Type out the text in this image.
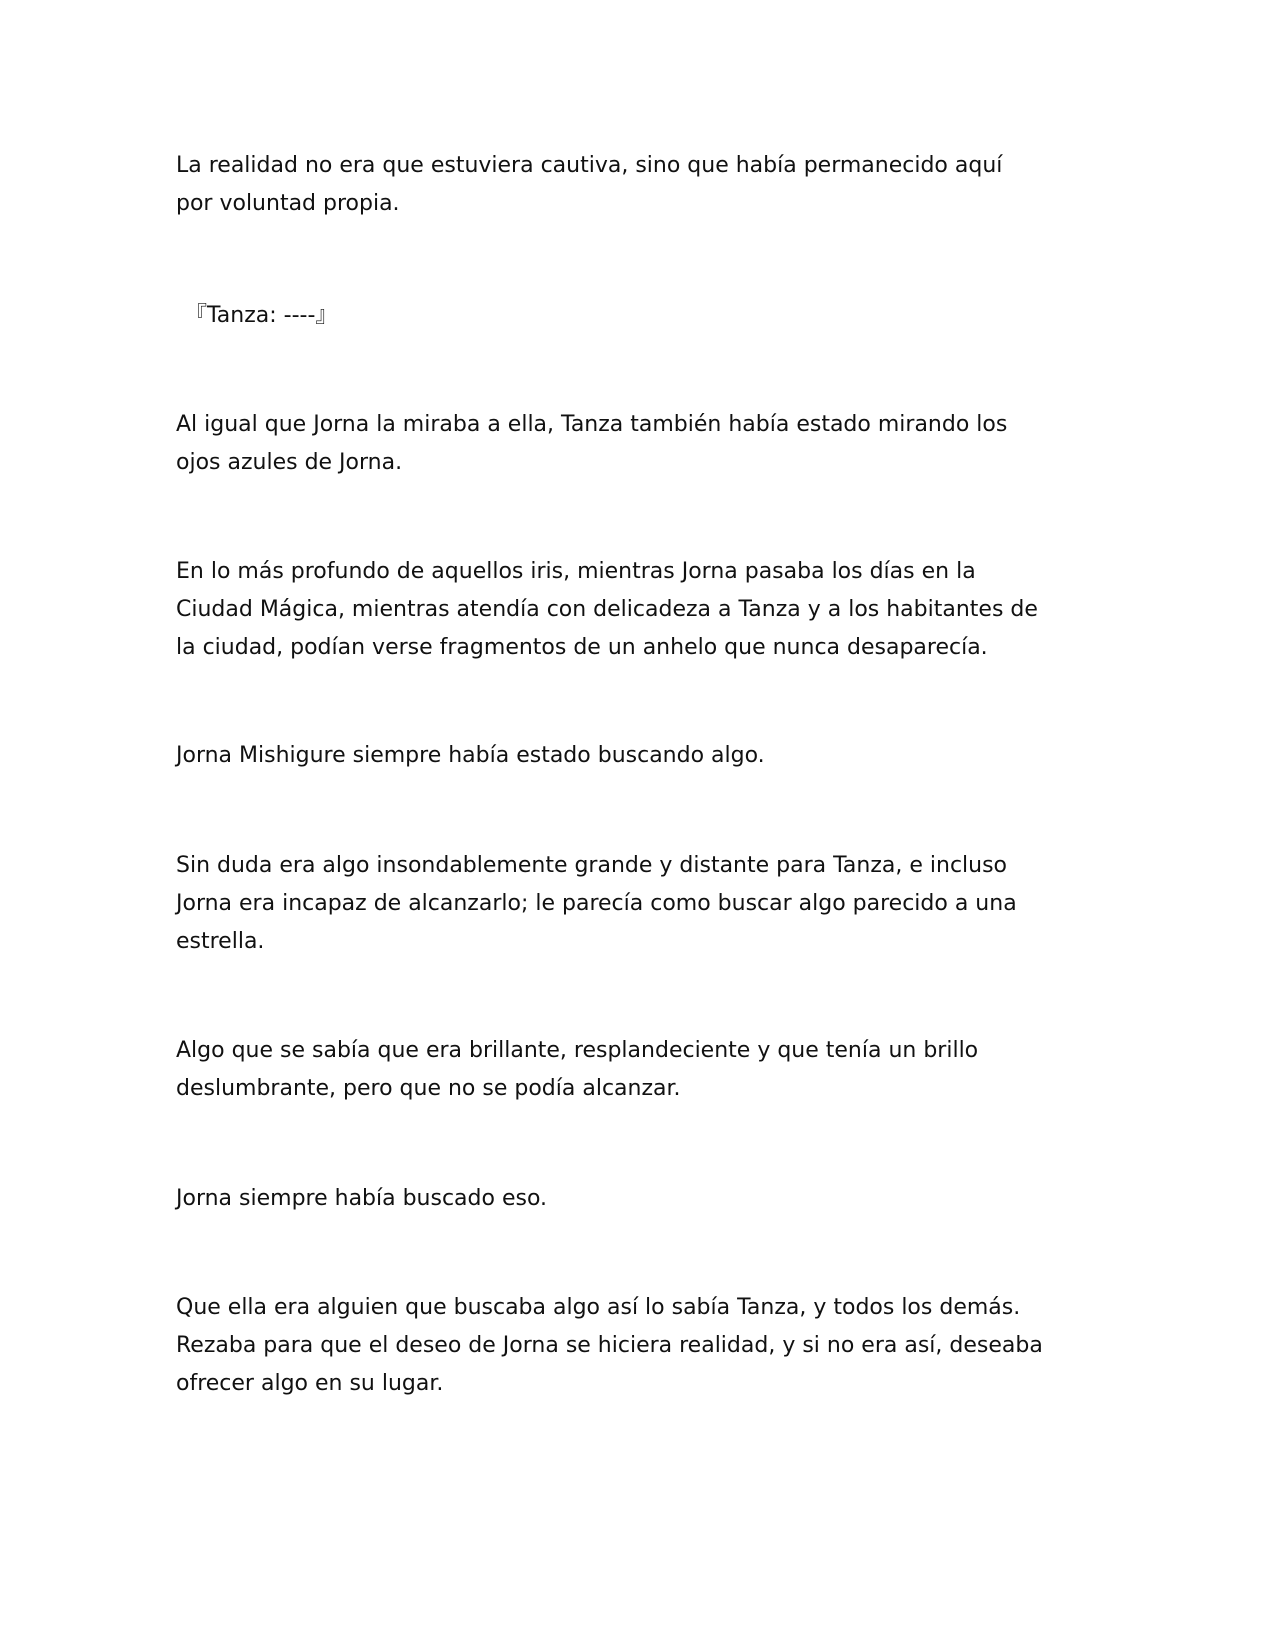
La realidad no era que estuviera cautiva, sino que había permanecido aquí
por voluntad propia.

『Tanza: ----』

Al igual que Jorna la miraba a ella, Tanza también había estado mirando los
ojos azules de Jorna.

En lo más profundo de aquellos iris, mientras Jorna pasaba los días en la
Ciudad Mágica, mientras atendía con delicadeza a Tanza y a los habitantes de
la ciudad, podían verse fragmentos de un anhelo que nunca desaparecía.

Jorna Mishigure siempre había estado buscando algo.

Sin duda era algo insondablemente grande y distante para Tanza, e incluso
Jorna era incapaz de alcanzarlo; le parecía como buscar algo parecido a una
estrella.

Algo que se sabía que era brillante, resplandeciente y que tenía un brillo
deslumbrante, pero que no se podía alcanzar.

Jorna siempre había buscado eso.

Que ella era alguien que buscaba algo así lo sabía Tanza, y todos los demás.
Rezaba para que el deseo de Jorna se hiciera realidad, y si no era así, deseaba
ofrecer algo en su lugar.
